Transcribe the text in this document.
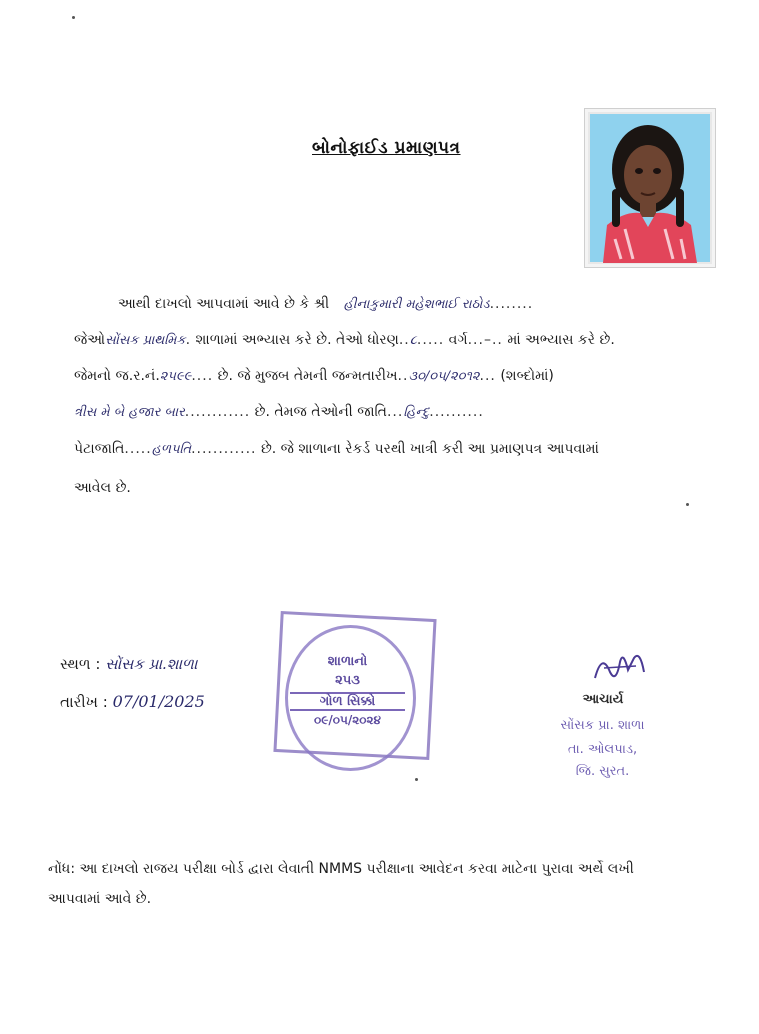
બોનોફાઈડ પ્રમાણપત્ર
આથી દાખલો આપવામાં આવે છે કે શ્રી હીનાકુમારી મહેશભાઈ રાઠોડ........
જેઓસોંસક પ્રાથમિક. શાળામાં અભ્યાસ કરે છે. તેઓ ધોરણ..૮..... વર્ગ...–.. માં અભ્યાસ કરે છે.
જેમનો જ.ર.નં.૨૫૯૯.... છે. જે મુજબ તેમની જન્મતારીખ..૩૦/૦૫/૨૦૧૨... (શબ્દોમાં)
ત્રીસ મે બે હજાર બાર............ છે. તેમજ તેઓની જાતિ...હિન્દુ..........
પેટાજાતિ.....હળપતિ............ છે. જે શાળાના રેકર્ડ પરથી ખાત્રી કરી આ પ્રમાણપત્ર આપવામાં
આવેલ છે.
સ્થળ : સોંસક પ્રા.શાળા
તારીખ : 07/01/2025
શાળાનો
૨૫૩
ગોળ સિક્કો
૦૯/૦૫/૨૦૨૪
આચાર્ય
સોંસક પ્રા. શાળા
તા. ઓલપાડ,
જિ. સુરત.
નોંધ: આ દાખલો રાજય પરીક્ષા બોર્ડ દ્વારા લેવાતી NMMS પરીક્ષાના આવેદન કરવા માટેના પુરાવા અર્થે લખી
આપવામાં આવે છે.
